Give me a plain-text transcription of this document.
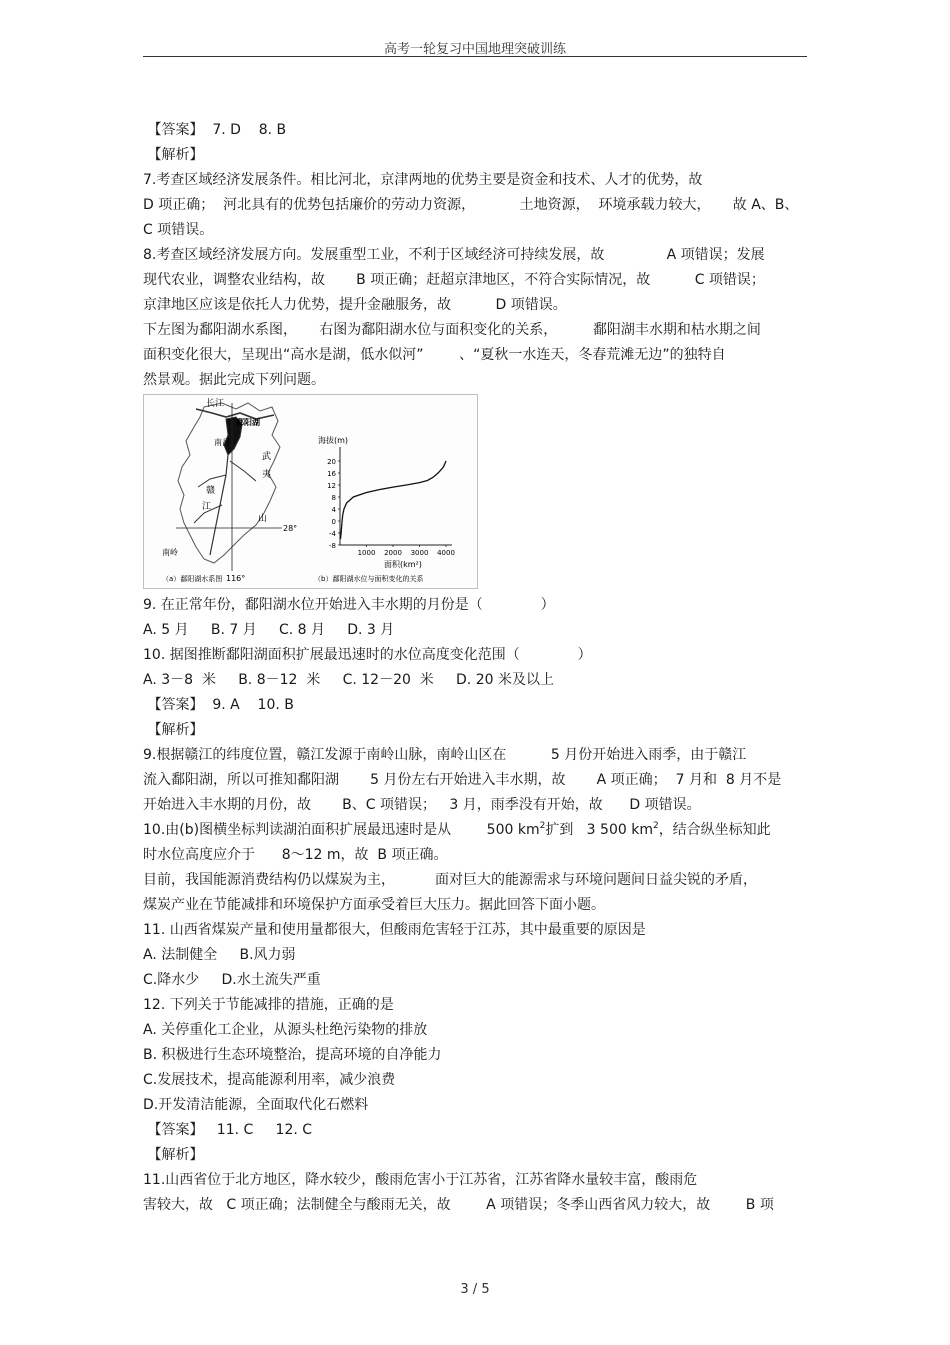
高考一轮复习中国地理突破训练
【答案】  7. D    8. B
【解析】
7.考查区域经济发展条件。相比河北，京津两地的优势主要是资金和技术、人才的优势，故
D 项正确；  河北具有的优势包括廉价的劳动力资源，          土地资源，  环境承载力较大，     故 A、B、
C 项错误。
8.考查区域经济发展方向。发展重型工业，不利于区域经济可持续发展，故              A 项错误；发展
现代农业，调整农业结构，故       B 项正确；赶超京津地区，不符合实际情况，故          C 项错误；
京津地区应该是依托人力优势，提升金融服务，故          D 项错误。
下左图为鄱阳湖水系图，     右图为鄱阳湖水位与面积变化的关系，        鄱阳湖丰水期和枯水期之间
面积变化很大，呈现出“高水是湖，低水似河”        、“夏秋一水连天，冬春荒滩无边”的独特自
然景观。据此完成下列问题。
长江
鄱阳湖
南昌
武
夷
山
赣
江
南岭
28°
116°
海拔(m)
面积(km²)
20
16
12
8
4
0
-4
-8
1000 2000 3000 4000
（a）鄱阳湖水系图	（b）鄱阳湖水位与面积变化的关系
9. 在正常年份，鄱阳湖水位开始进入丰水期的月份是（             ）
A. 5 月     B. 7 月     C. 8 月     D. 3 月
10. 据图推断鄱阳湖面积扩展最迅速时的水位高度变化范围（             ）
A. 3－8  米     B. 8－12  米     C. 12－20  米     D. 20 米及以上
【答案】  9. A    10. B
【解析】
9.根据赣江的纬度位置，赣江发源于南岭山脉，南岭山区在          5 月份开始进入雨季，由于赣江
流入鄱阳湖，所以可推知鄱阳湖       5 月份左右开始进入丰水期，故       A 项正确；  7 月和  8 月不是
开始进入丰水期的月份，故       B、C 项错误；   3 月，雨季没有开始，故      D 项错误。
10.由(b)图横坐标判读湖泊面积扩展最迅速时是从        500 $km^2$扩到   3 500 $km^2$，结合纵坐标知此
时水位高度应介于      8～12 m，故  B 项正确。
目前，我国能源消费结构仍以煤炭为主，         面对巨大的能源需求与环境问题间日益尖锐的矛盾，
煤炭产业在节能减排和环境保护方面承受着巨大压力。据此回答下面小题。
11. 山西省煤炭产量和使用量都很大，但酸雨危害轻于江苏，其中最重要的原因是
A. 法制健全     B.风力弱
C.降水少     D.水土流失严重
12. 下列关于节能减排的措施，正确的是
A. 关停重化工企业，从源头杜绝污染物的排放
B. 积极进行生态环境整治，提高环境的自净能力
C.发展技术，提高能源利用率，减少浪费
D.开发清洁能源，全面取代化石燃料
【答案】   11. C     12. C
【解析】
11.山西省位于北方地区，降水较少，酸雨危害小于江苏省，江苏省降水量较丰富，酸雨危
害较大，故   C 项正确；法制健全与酸雨无关，故        A 项错误；冬季山西省风力较大，故        B 项
3 / 5
